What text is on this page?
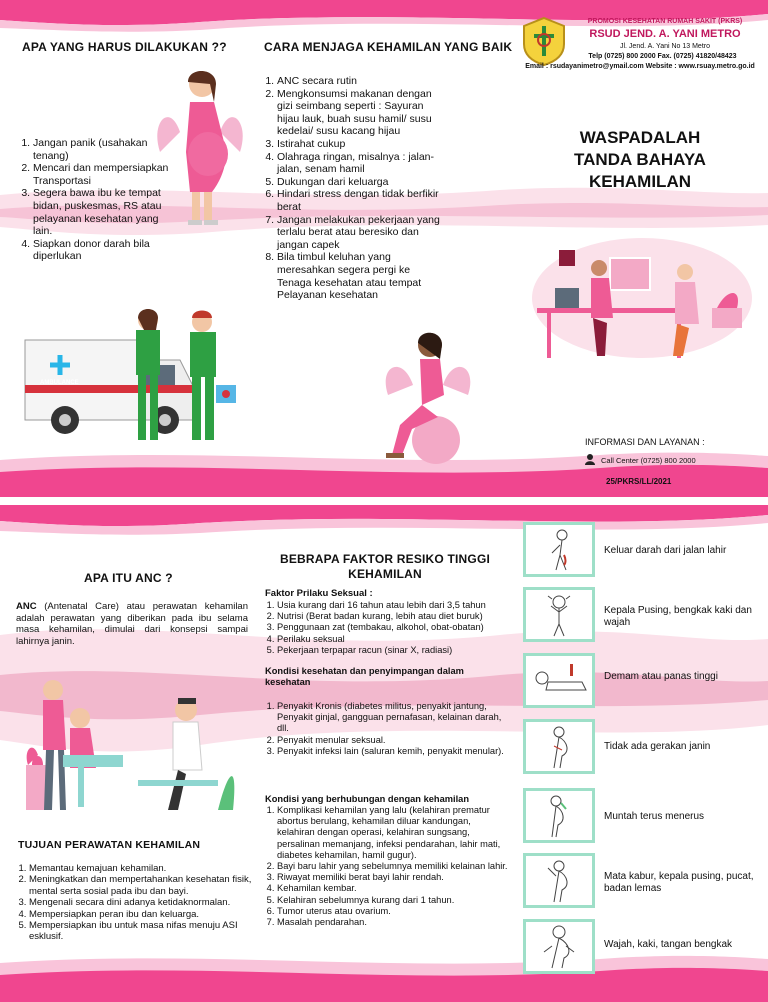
PROMOSI KESEHATAN RUMAH SAKIT (PKRS)
RSUD JEND. A. YANI METRO
Jl. Jend. A. Yani No 13 Metro
Telp (0725) 800 2000 Fax. (0725) 41820/48423
Email : rsudayanimetro@ymail.com Website : www.rsuay.metro.go.id
APA YANG HARUS DILAKUKAN ??
1. Jangan panik (usahakan tenang)
2. Mencari dan mempersiapkan Transportasi
3. Segera bawa ibu ke tempat bidan, puskesmas, RS atau pelayanan kesehatan yang lain.
4. Siapkan donor darah bila diperlukan
AMBULANCE
CARA MENJAGA KEHAMILAN YANG BAIK
1. ANC secara rutin
2. Mengkonsumsi makanan dengan gizi seimbang seperti : Sayuran hijau lauk, buah susu hamil/ susu kedelai/ susu kacang hijau
3. Istirahat cukup
4. Olahraga ringan, misalnya : jalan-jalan, senam hamil
5. Dukungan dari keluarga
6. Hindari stress dengan tidak berfikir berat
7. Jangan melakukan pekerjaan yang terlalu berat atau beresiko dan jangan capek
8. Bila timbul keluhan yang meresahkan segera pergi ke Tenaga kesehatan atau tempat Pelayanan kesehatan
WASPADALAH
TANDA BAHAYA
KEHAMILAN
INFORMASI DAN LAYANAN :
Call Center (0725) 800 2000
25/PKRS/LL/2021
APA ITU ANC ?
ANC (Antenatal Care) atau perawatan kehamilan adalah perawatan yang diberikan pada ibu selama masa kehamilan, dimulai dari konsepsi sampai lahirnya janin.
TUJUAN PERAWATAN KEHAMILAN
1. Memantau kemajuan kehamilan.
2. Meningkatkan dan mempertahankan kesehatan fisik, mental serta sosial pada ibu dan bayi.
3. Mengenali secara dini adanya ketidaknormalan.
4. Mempersiapkan peran ibu dan keluarga.
5. Mempersiapkan ibu untuk masa nifas menuju ASI esklusif.
BEBRAPA FAKTOR RESIKO TINGGI KEHAMILAN
Faktor Prilaku Seksual :
1. Usia kurang dari 16 tahun atau lebih dari 3,5 tahun
2. Nutrisi (Berat badan kurang, lebih atau diet buruk)
3. Penggunaan zat (tembakau, alkohol, obat-obatan)
4. Perilaku seksual
5. Pekerjaan terpapar racun (sinar X, radiasi)
Kondisi kesehatan dan penyimpangan dalam kesehatan
1. Penyakit Kronis (diabetes militus, penyakit jantung, Penyakit ginjal, gangguan pernafasan, kelainan darah, dll.
2. Penyakit menular seksual.
3. Penyakit infeksi lain (saluran kemih, penyakit menular).
Kondisi yang berhubungan dengan kehamilan
1. Komplikasi kehamilan yang lalu (kelahiran prematur abortus berulang, kehamilan diluar kandungan, kelahiran dengan operasi, kelahiran sungsang, persalinan memanjang, infeksi pendarahan, lahir mati, diabetes kehamilan, hamil gugur).
2. Bayi baru lahir yang sebelumnya memiliki kelainan lahir.
3. Riwayat memiliki berat bayi lahir rendah.
4. Kehamilan kembar.
5. Kelahiran sebelumnya kurang dari 1 tahun.
6. Tumor uterus atau ovarium.
7. Masalah pendarahan.
Keluar darah dari jalan lahir
Kepala Pusing, bengkak kaki dan wajah
Demam atau panas tinggi
Tidak ada gerakan janin
Muntah terus menerus
Mata kabur, kepala pusing, pucat, badan lemas
Wajah, kaki, tangan bengkak
